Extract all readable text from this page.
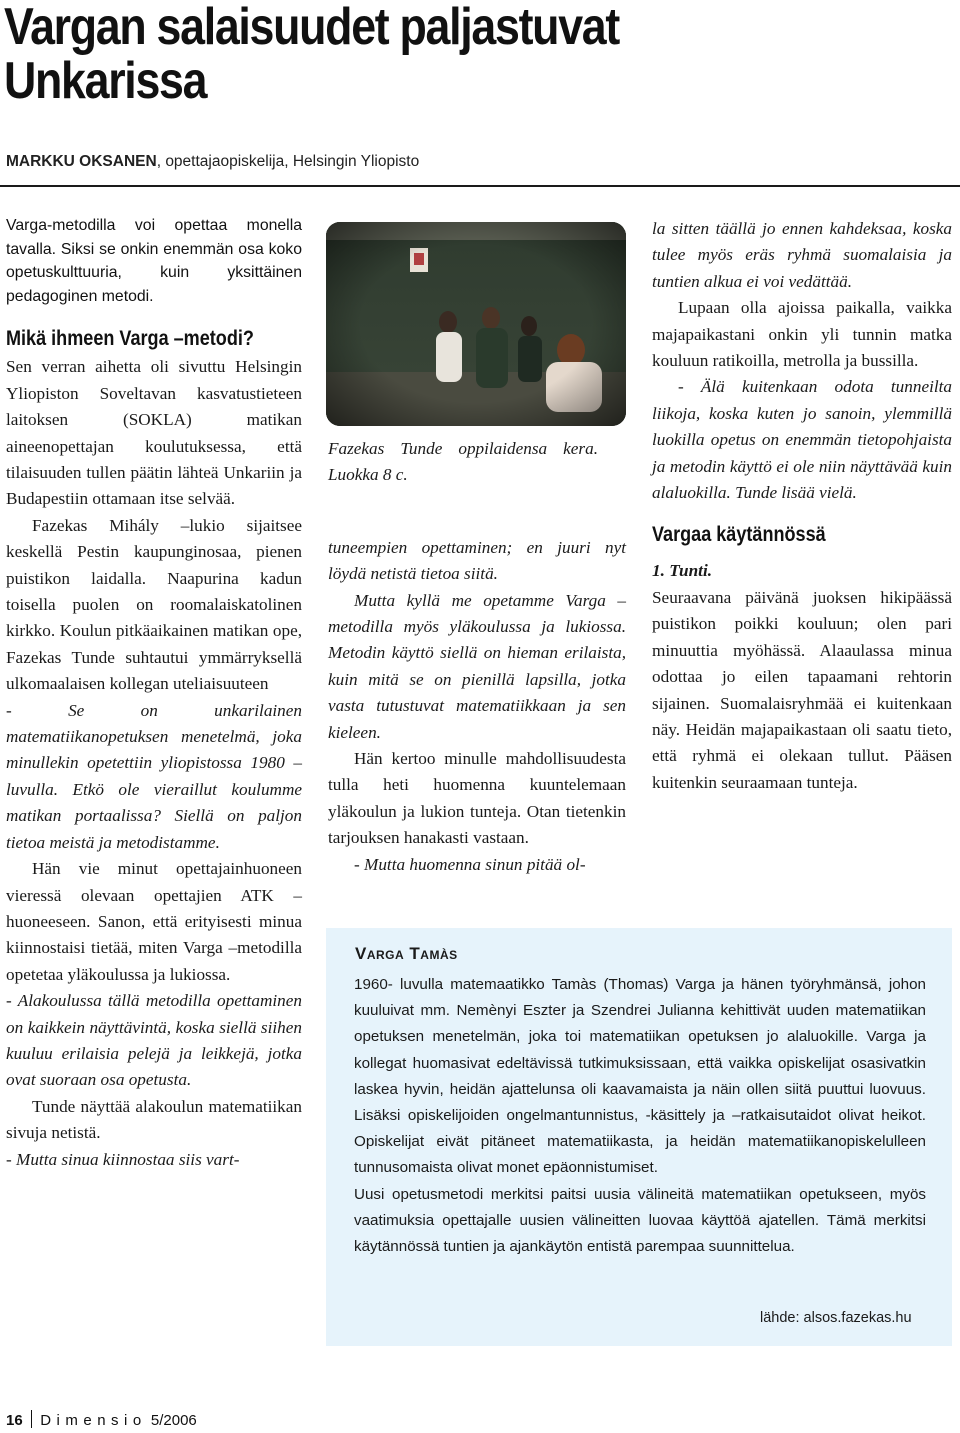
Vargan salaisuudet paljastuvat Unkarissa
MARKKU OKSANEN, opettajaopiskelija, Helsingin Yliopisto
Varga-metodilla voi opettaa monella tavalla. Siksi se onkin enemmän osa koko opetuskulttuuria, kuin yksittäinen pedagoginen metodi.
Mikä ihmeen Varga –metodi?

Sen verran aihetta oli sivuttu Helsingin Yliopiston Soveltavan kasvatustieteen laitoksen (SOKLA) matikan aineenopettajan koulutuksessa, että tilaisuuden tullen päätin lähteä Unkariin ja Budapestiin ottamaan itse selvää.

Fazekas Mihály –lukio sijaitsee keskellä Pestin kaupunginosaa, pienen puistikon laidalla. Naapurina kadun toisella puolen on roomalaiskatolinen kirkko. Koulun pitkäaikainen matikan ope, Fazekas Tunde suhtautui ymmärryksellä ulkomaalaisen kollegan uteliaisuuteen

- Se on unkarilainen matematiikanopetuksen menetelmä, joka minullekin opetettiin yliopistossa 1980 –luvulla. Etkö ole vieraillut koulumme matikan portaalissa? Siellä on paljon tietoa meistä ja metodistamme.

Hän vie minut opettajainhuoneen vieressä olevaan opettajien ATK –huoneeseen. Sanon, että erityisesti minua kiinnostaisi tietää, miten Varga –metodilla opetetaa yläkoulussa ja lukiossa.

- Alakoulussa tällä metodilla opettaminen on kaikkein näyttävintä, koska siellä siihen kuuluu erilaisia pelejä ja leikkejä, jotka ovat suoraan osa opetusta.

Tunde näyttää alakoulun matematiikan sivuja netistä.

- Mutta sinua kiinnostaa siis vart-

Fazekas Tunde oppilaidensa kera. Luokka 8 c.

tuneempien opettaminen; en juuri nyt löydä netistä tietoa siitä.

Mutta kyllä me opetamme Varga –metodilla myös yläkoulussa ja lukiossa. Metodin käyttö siellä on hieman erilaista, kuin mitä se on pienillä lapsilla, jotka vasta tutustuvat matematiikkaan ja sen kieleen.

Hän kertoo minulle mahdollisuudesta tulla heti huomenna kuuntelemaan yläkoulun ja lukion tunteja. Otan tietenkin tarjouksen hanakasti vastaan.

- Mutta huomenna sinun pitää ol-

la sitten täällä jo ennen kahdeksaa, koska tulee myös eräs ryhmä suomalaisia ja tuntien alkua ei voi vedättää.

Lupaan olla ajoissa paikalla, vaikka majapaikastani onkin yli tunnin matka kouluun ratikoilla, metrolla ja bussilla.

- Älä kuitenkaan odota tunneilta liikoja, koska kuten jo sanoin, ylemmillä luokilla opetus on enemmän tietopohjaista ja metodin käyttö ei ole niin näyttävää kuin alaluokilla. Tunde lisää vielä.

Vargaa käytännössä

1. Tunti.

Seuraavana päivänä juoksen hikipäässä puistikon poikki kouluun; olen pari minuuttia myöhässä. Alaaulassa minua odottaa jo eilen tapaamani rehtorin sijainen. Suomalaisryhmää ei kuitenkaan näy. Heidän majapaikastaan oli saatu tieto, että ryhmä ei olekaan tullut. Pääsen kuitenkin seuraamaan tunteja.

Varga Tamàs

1960- luvulla matemaatikko Tamàs (Thomas) Varga ja hänen työryhmänsä, johon kuuluivat mm. Nemènyi Eszter ja Szendrei Julianna kehittivät uuden matematiikan opetuksen menetelmän, joka toi matematiikan opetuksen jo alaluokille. Varga ja kollegat huomasivat edeltävissä tutkimuksissaan, että vaikka opiskelijat osasivatkin laskea hyvin, heidän ajattelunsa oli kaavamaista ja näin ollen siitä puuttui luovuus. Lisäksi opiskelijoiden ongelmantunnistus, -käsittely ja –ratkaisutaidot olivat heikot. Opiskelijat eivät pitäneet matematiikasta, ja heidän matematiikanopiskelulleen tunnusomaista olivat monet epäonnistumiset.

Uusi opetusmetodi merkitsi paitsi uusia välineitä matematiikan opetukseen, myös vaatimuksia opettajalle uusien välineitten luovaa käyttöä ajatellen. Tämä merkitsi käytännössä tuntien ja ajankäytön entistä parempaa suunnittelua.

lähde: alsos.fazekas.hu
16 Dimensio 5/2006
